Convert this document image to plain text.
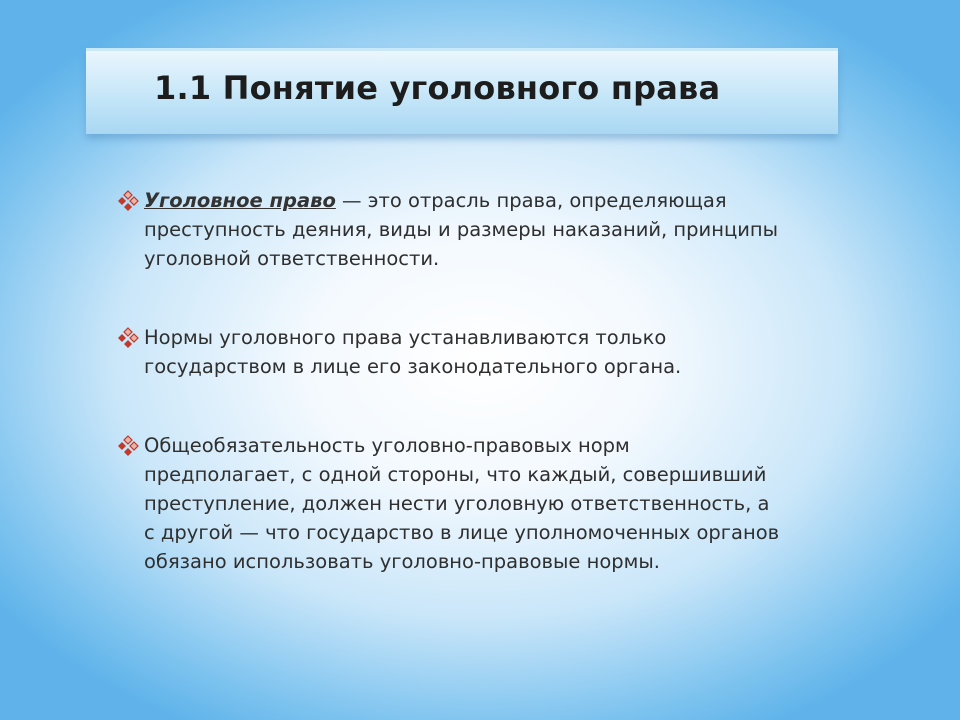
1.1 Понятие уголовного права

Уголовное право — это отрасль права, определяющая
преступность деяния, виды и размеры наказаний, принципы
уголовной ответственности.

Нормы уголовного права устанавливаются только
государством в лице его законодательного органа.

Общеобязательность уголовно-правовых норм
предполагает, с одной стороны, что каждый, совершивший
преступление, должен нести уголовную ответственность, а
с другой — что государство в лице уполномоченных органов
обязано использовать уголовно-правовые нормы.
